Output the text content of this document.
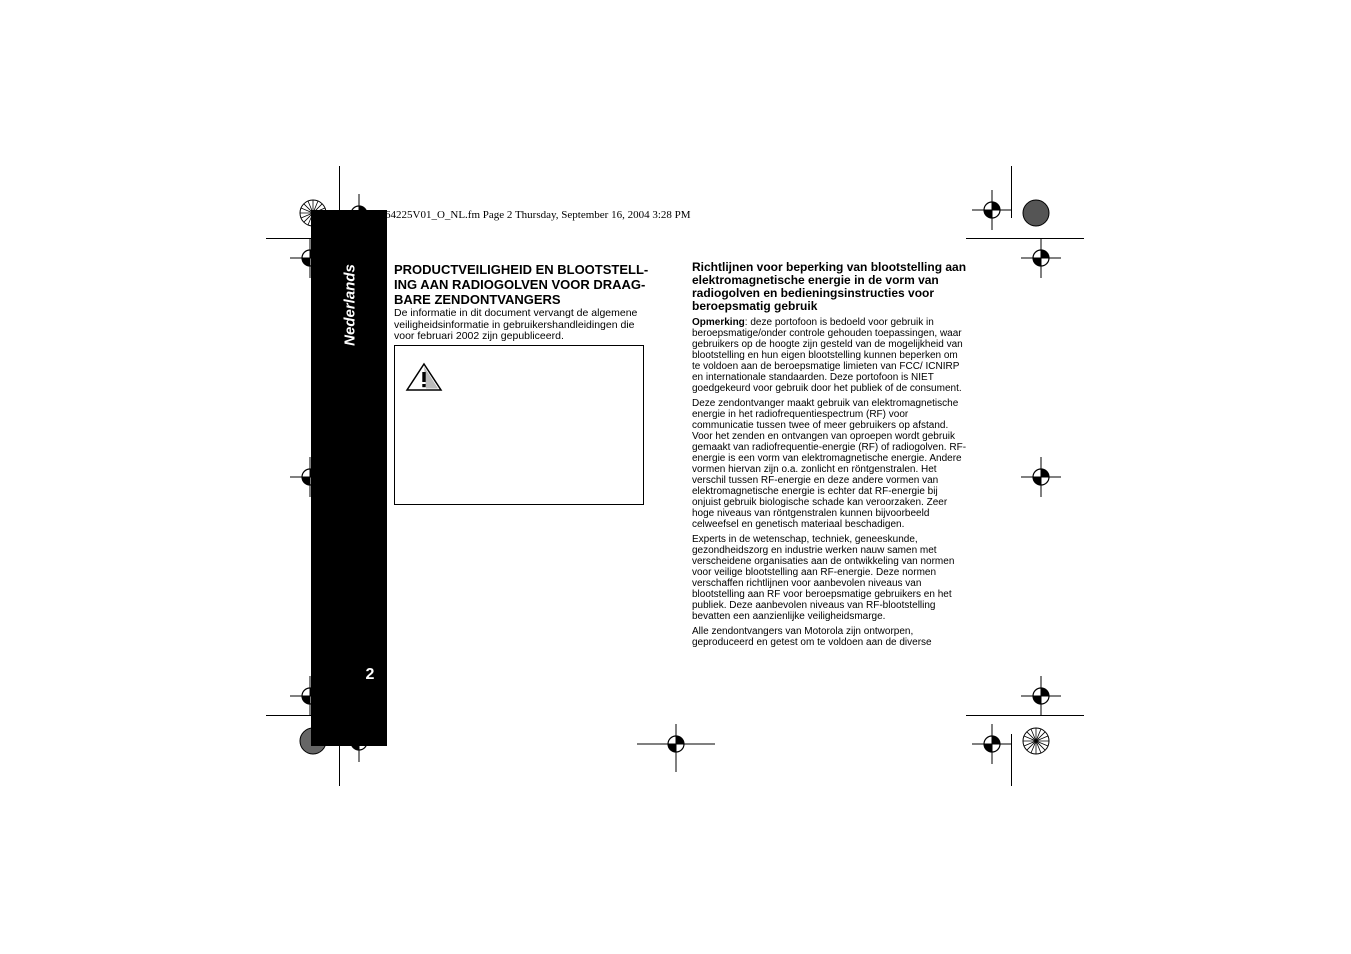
Nederlands
2
64225V01_O_NL.fm Page 2 Thursday, September 16, 2004 3:28 PM
PRODUCTVEILIGHEID EN BLOOTSTELL-ING AAN RADIOGOLVEN VOOR DRAAG-BARE ZENDONTVANGERS

De informatie in dit document vervangt de algemene veiligheidsinformatie in gebruikershandleidingen die voor februari 2002 zijn gepubliceerd.

Richtlijnen voor beperking van blootstelling aan elektromagnetische energie in de vorm van radiogolven en bedieningsinstructies voor beroepsmatig gebruik

Opmerking: deze portofoon is bedoeld voor gebruik in beroepsmatige/onder controle gehouden toepassingen, waar gebruikers op de hoogte zijn gesteld van de mogelijkheid van blootstelling en hun eigen blootstelling kunnen beperken om te voldoen aan de beroepsmatige limieten van FCC/ ICNIRP en internationale standaarden. Deze portofoon is NIET goedgekeurd voor gebruik door het publiek of de consument.

Deze zendontvanger maakt gebruik van elektromagnetische energie in het radiofrequentiespectrum (RF) voor communicatie tussen twee of meer gebruikers op afstand. Voor het zenden en ontvangen van oproepen wordt gebruik gemaakt van radiofrequentie-energie (RF) of radiogolven. RF-energie is een vorm van elektromagnetische energie. Andere vormen hiervan zijn o.a. zonlicht en röntgenstralen. Het verschil tussen RF-energie en deze andere vormen van elektromagnetische energie is echter dat RF-energie bij onjuist gebruik biologische schade kan veroorzaken. Zeer hoge niveaus van röntgenstralen kunnen bijvoorbeeld celweefsel en genetisch materiaal beschadigen.

Experts in de wetenschap, techniek, geneeskunde, gezondheidszorg en industrie werken nauw samen met verscheidene organisaties aan de ontwikkeling van normen voor veilige blootstelling aan RF-energie. Deze normen verschaffen richtlijnen voor aanbevolen niveaus van blootstelling aan RF voor beroepsmatige gebruikers en het publiek. Deze aanbevolen niveaus van RF-blootstelling bevatten een aanzienlijke veiligheidsmarge.

Alle zendontvangers van Motorola zijn ontworpen, geproduceerd en getest om te voldoen aan de diverse
